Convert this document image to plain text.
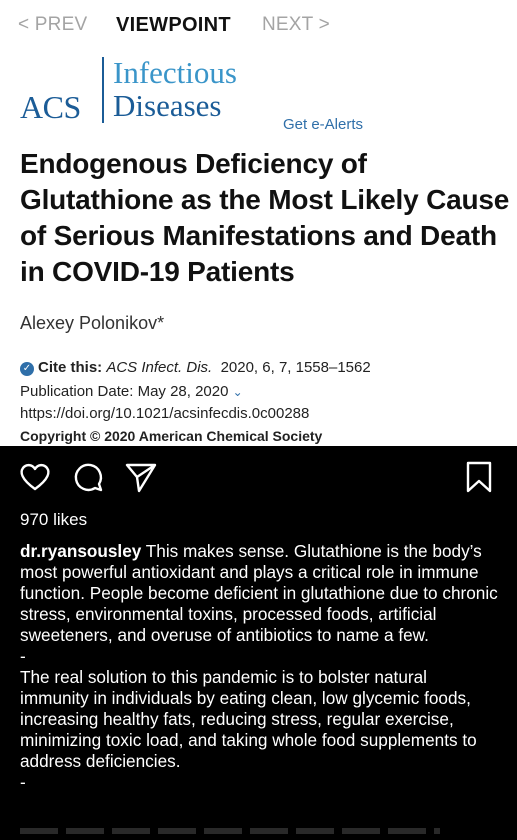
< PREV VIEWPOINT NEXT >
ACS
Infectious
Diseases
Get e-Alerts
Endogenous Deficiency of Glutathione as the Most Likely Cause of Serious Manifestations and Death in COVID-19 Patients
Alexey Polonikov*
✓ Cite this: ACS Infect. Dis. 2020, 6, 7, 1558–1562
Publication Date: May 28, 2020 ⌄
https://doi.org/10.1021/acsinfecdis.0c00288
Copyright © 2020 American Chemical Society
970 likes

dr.ryansousley This makes sense. Glutathione is the body’s most powerful antioxidant and plays a critical role in immune function. People become deficient in glutathione due to chronic stress, environmental toxins, processed foods, artificial sweeteners, and overuse of antibiotics to name a few.

-

The real solution to this pandemic is to bolster natural immunity in individuals by eating clean, low glycemic foods, increasing healthy fats, reducing stress, regular exercise, minimizing toxic load, and taking whole food supplements to address deficiencies.

-
